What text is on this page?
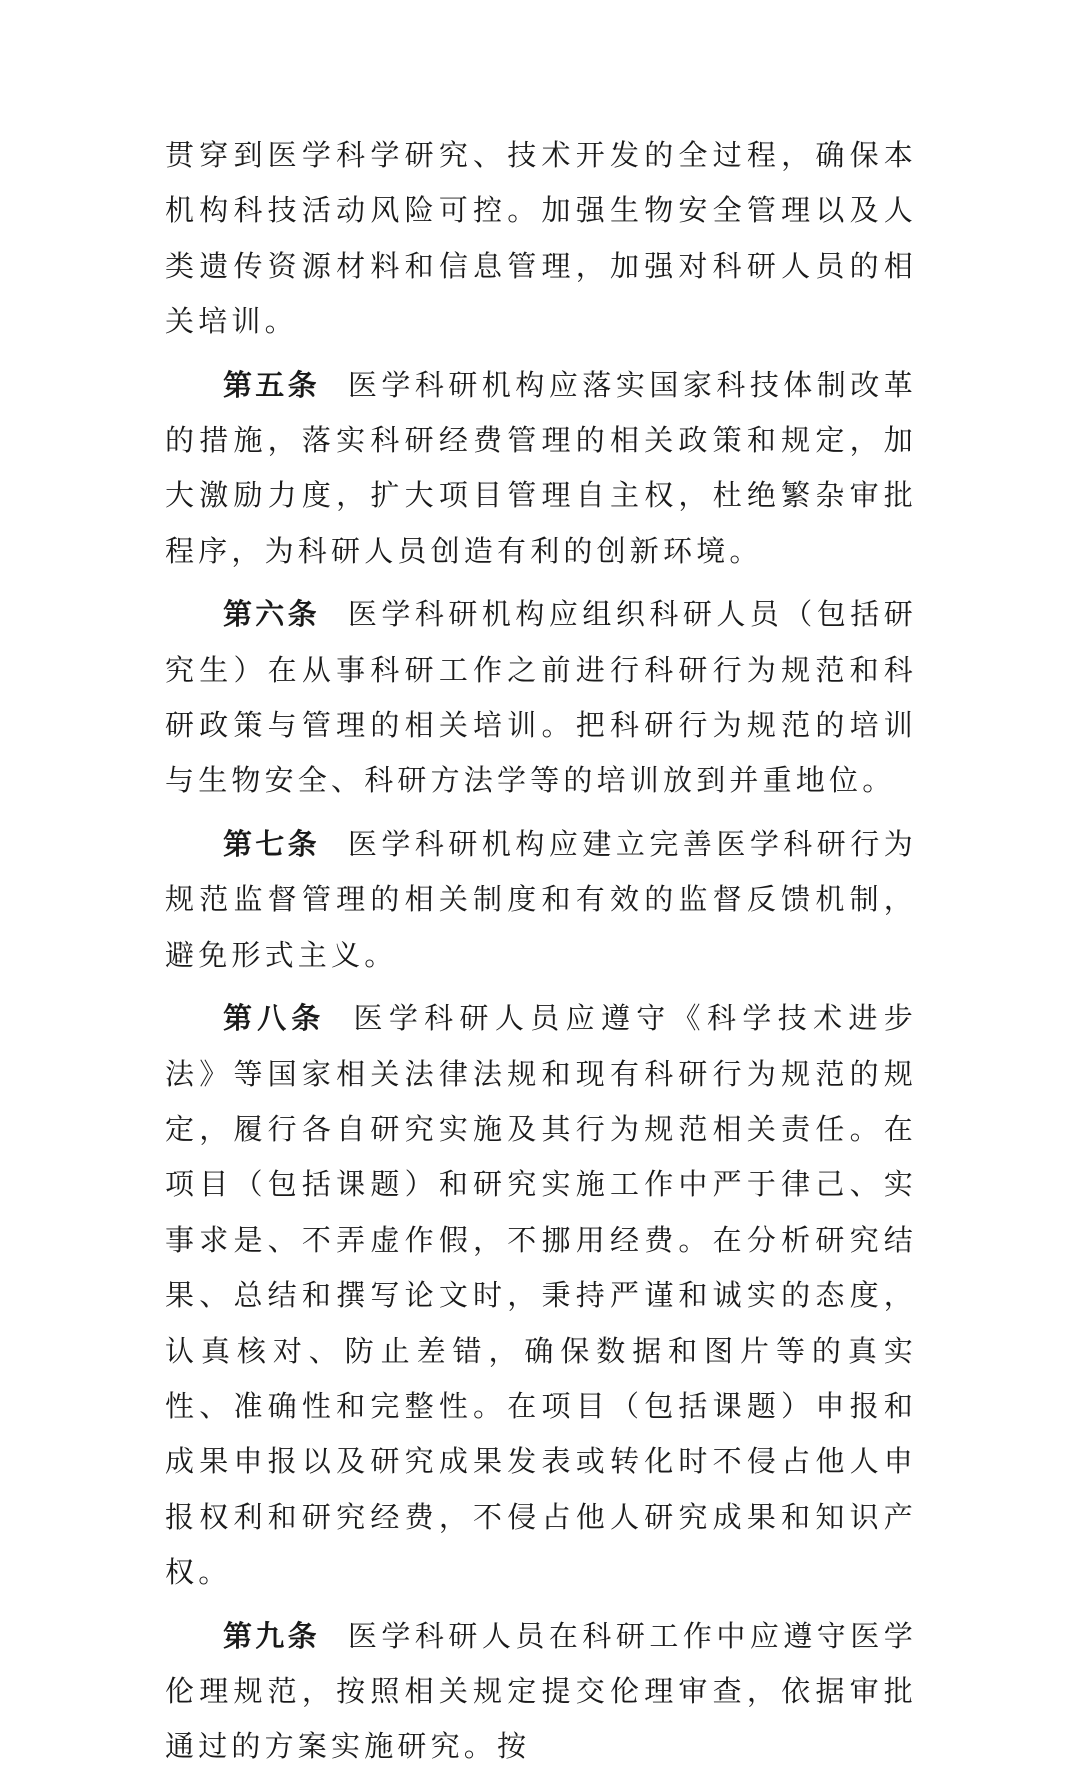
贯穿到医学科学研究、技术开发的全过程，确保本机构科技活动风险可控。加强生物安全管理以及人类遗传资源材料和信息管理，加强对科研人员的相关培训。

第五条 医学科研机构应落实国家科技体制改革的措施，落实科研经费管理的相关政策和规定，加大激励力度，扩大项目管理自主权，杜绝繁杂审批程序，为科研人员创造有利的创新环境。

第六条 医学科研机构应组织科研人员（包括研究生）在从事科研工作之前进行科研行为规范和科研政策与管理的相关培训。把科研行为规范的培训与生物安全、科研方法学等的培训放到并重地位。

第七条 医学科研机构应建立完善医学科研行为规范监督管理的相关制度和有效的监督反馈机制，避免形式主义。

第八条 医学科研人员应遵守《科学技术进步法》等国家相关法律法规和现有科研行为规范的规定，履行各自研究实施及其行为规范相关责任。在项目（包括课题）和研究实施工作中严于律己、实事求是、不弄虚作假，不挪用经费。在分析研究结果、总结和撰写论文时，秉持严谨和诚实的态度，认真核对、防止差错，确保数据和图片等的真实性、准确性和完整性。在项目（包括课题）申报和成果申报以及研究成果发表或转化时不侵占他人申报权利和研究经费，不侵占他人研究成果和知识产权。

第九条 医学科研人员在科研工作中应遵守医学伦理规范，按照相关规定提交伦理审查，依据审批通过的方案实施研究。按
